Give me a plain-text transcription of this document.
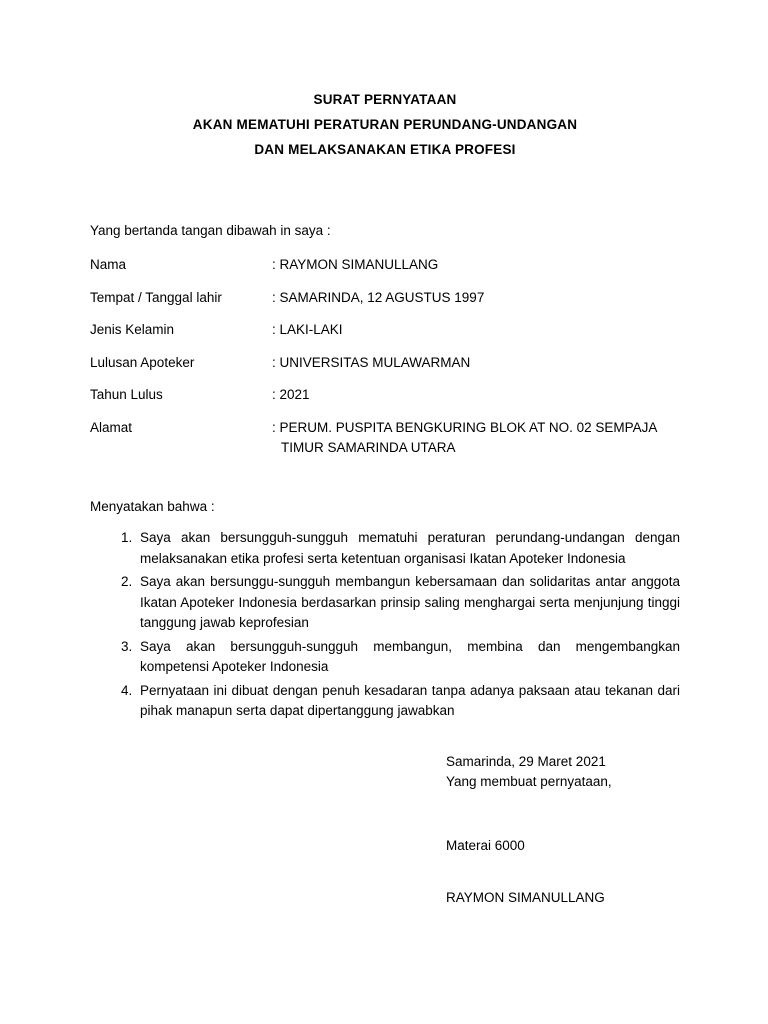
SURAT PERNYATAAN
AKAN MEMATUHI PERATURAN PERUNDANG-UNDANGAN
DAN MELAKSANAKAN ETIKA PROFESI
Yang bertanda tangan dibawah in saya :
Nama	: RAYMON SIMANULLANG
Tempat / Tanggal lahir	: SAMARINDA, 12 AGUSTUS 1997
Jenis Kelamin	: LAKI-LAKI
Lulusan Apoteker	: UNIVERSITAS MULAWARMAN
Tahun Lulus	: 2021
Alamat	: PERUM. PUSPITA BENGKURING BLOK AT NO. 02 SEMPAJA
TIMUR SAMARINDA UTARA
Menyatakan bahwa :
1. Saya akan bersungguh-sungguh mematuhi peraturan perundang-undangan dengan melaksanakan etika profesi serta ketentuan organisasi Ikatan Apoteker Indonesia
2. Saya akan bersunggu-sungguh membangun kebersamaan dan solidaritas antar anggota Ikatan Apoteker Indonesia berdasarkan prinsip saling menghargai serta menjunjung tinggi tanggung jawab keprofesian
3. Saya akan bersungguh-sungguh membangun, membina dan mengembangkan kompetensi Apoteker Indonesia
4. Pernyataan ini dibuat dengan penuh kesadaran tanpa adanya paksaan atau tekanan dari pihak manapun serta dapat dipertanggung jawabkan
Samarinda, 29 Maret 2021
Yang membuat pernyataan,
Materai 6000
RAYMON SIMANULLANG
